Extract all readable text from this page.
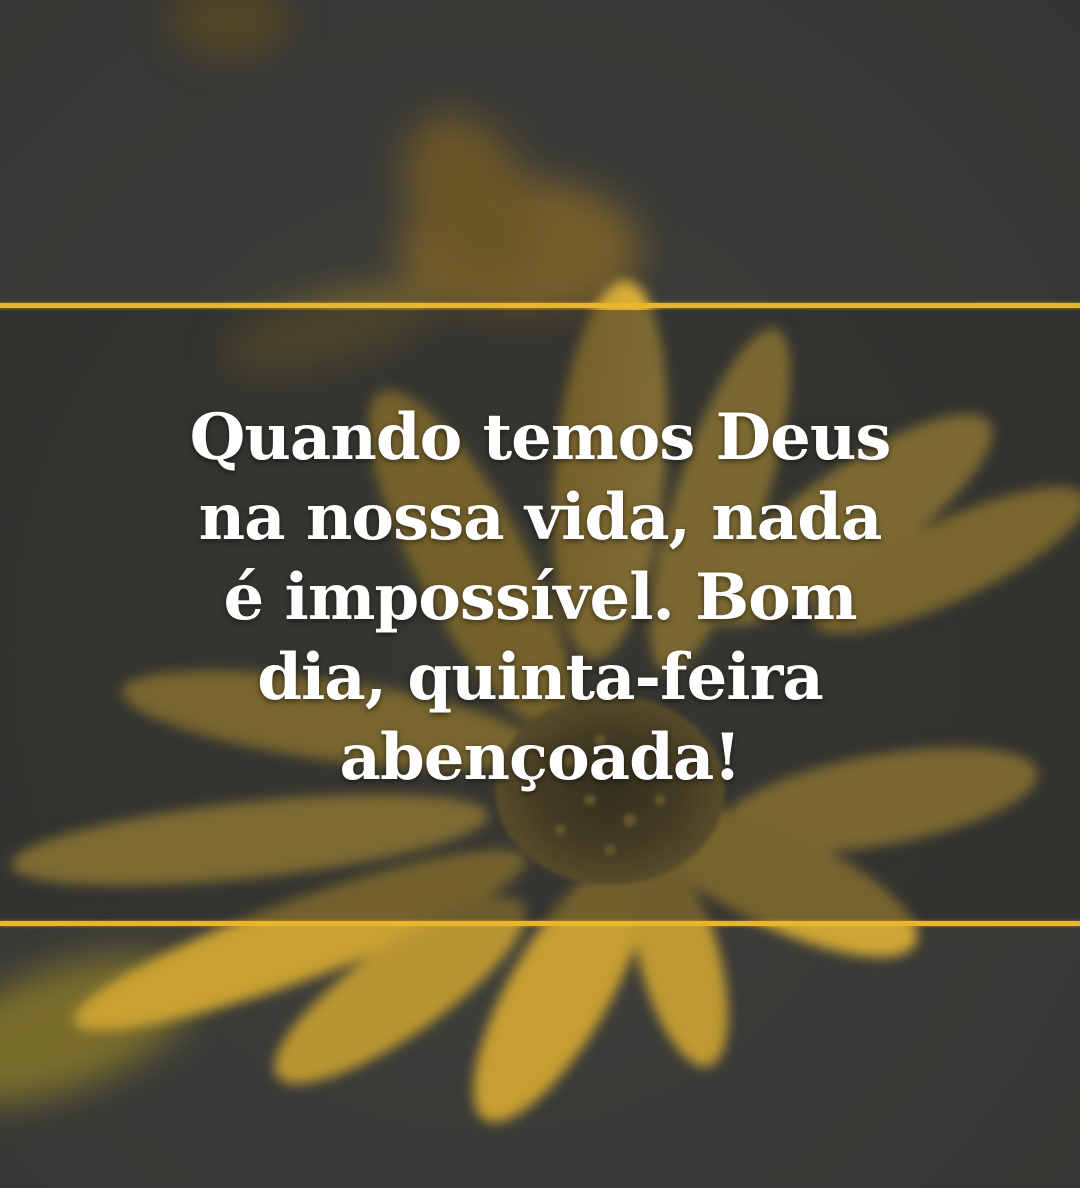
Quando temos Deus
na nossa vida, nada
é impossível. Bom
dia, quinta-feira
abençoada!
